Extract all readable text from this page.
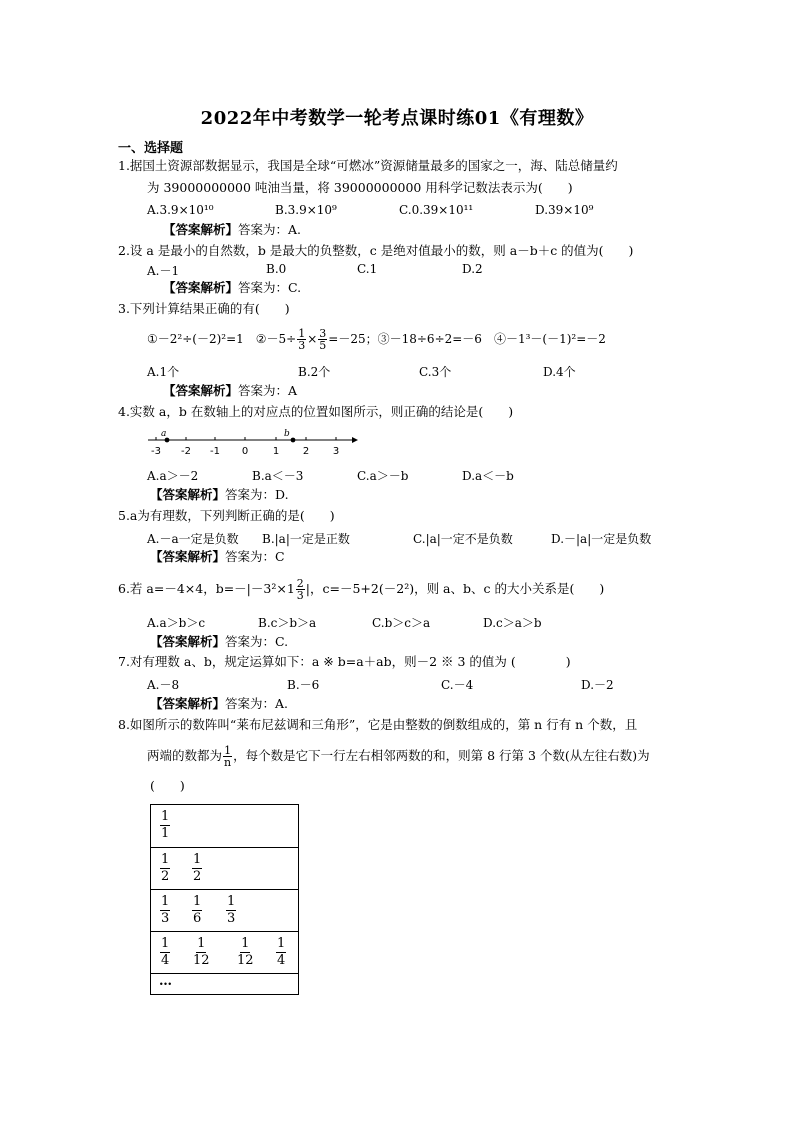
2022年中考数学一轮考点课时练01《有理数》
一、选择题
1.据国土资源部数据显示，我国是全球“可燃冰”资源储量最多的国家之一，海、陆总储量约
为 39000000000 吨油当量，将 39000000000 用科学记数法表示为(　　)
A.3.9×10¹⁰	B.3.9×10⁹	C.0.39×10¹¹	D.39×10⁹
【答案解析】答案为：A.
2.设 a 是最小的自然数，b 是最大的负整数，c 是绝对值最小的数，则 a－b＋c 的值为(　　)
A.－1	B.0	C.1	D.2
【答案解析】答案为：C.
3.下列计算结果正确的有(　　)
①－2²÷(－2)²=1　②－5÷ $\frac{1}{3} \times \frac{3}{5} =-25$；③－18÷6÷2=－6　④－1³－(－1)²=－2
A.1个	B.2个	C.3个	D.4个
【答案解析】答案为：A
4.实数 a，b 在数轴上的对应点的位置如图所示，则正确的结论是(　　)
-3 -2 -1 0 1 2 3
a	b
A.a＞－2	B.a＜－3	C.a＞－b	D.a＜－b
【答案解析】答案为：D.
5.a为有理数，下列判断正确的是(　　)
A.－a一定是负数 B.|a|一定是正数	C.|a|一定不是负数	D.－|a|一定是负数
【答案解析】答案为：C
6.若 a=－4×4，$b=-|-3^2\times 1 \frac{2}{3}$ |，c=－5+2(－2²)，则 a、b、c 的大小关系是(　　)
A.a＞b＞c	B.c＞b＞a	C.b＞c＞a	D.c＞a＞b
【答案解析】答案为：C.
7.对有理数 a、b，规定运算如下：a ※ b=a＋ab，则－2 ※ 3 的值为 (　　　　)
A.－8	B.－6	C.－4	D.－2
【答案解析】答案为：A.
8.如图所示的数阵叫“莱布尼兹调和三角形”，它是由整数的倒数组成的，第 n 行有 n 个数，且
两端的数都为 $\frac{1}{n}$ ，每个数是它下一行左右相邻两数的和，则第 8 行第 3 个数(从左往右数)为
(　　)
$\frac{1}{1}$
$\frac{1}{2} \frac{1}{2}$
$\frac{1}{3} \frac{1}{6} \frac{1}{3}$
$\frac{1}{4} \frac{1}{12} \frac{1}{12} \frac{1}{4}$
…
